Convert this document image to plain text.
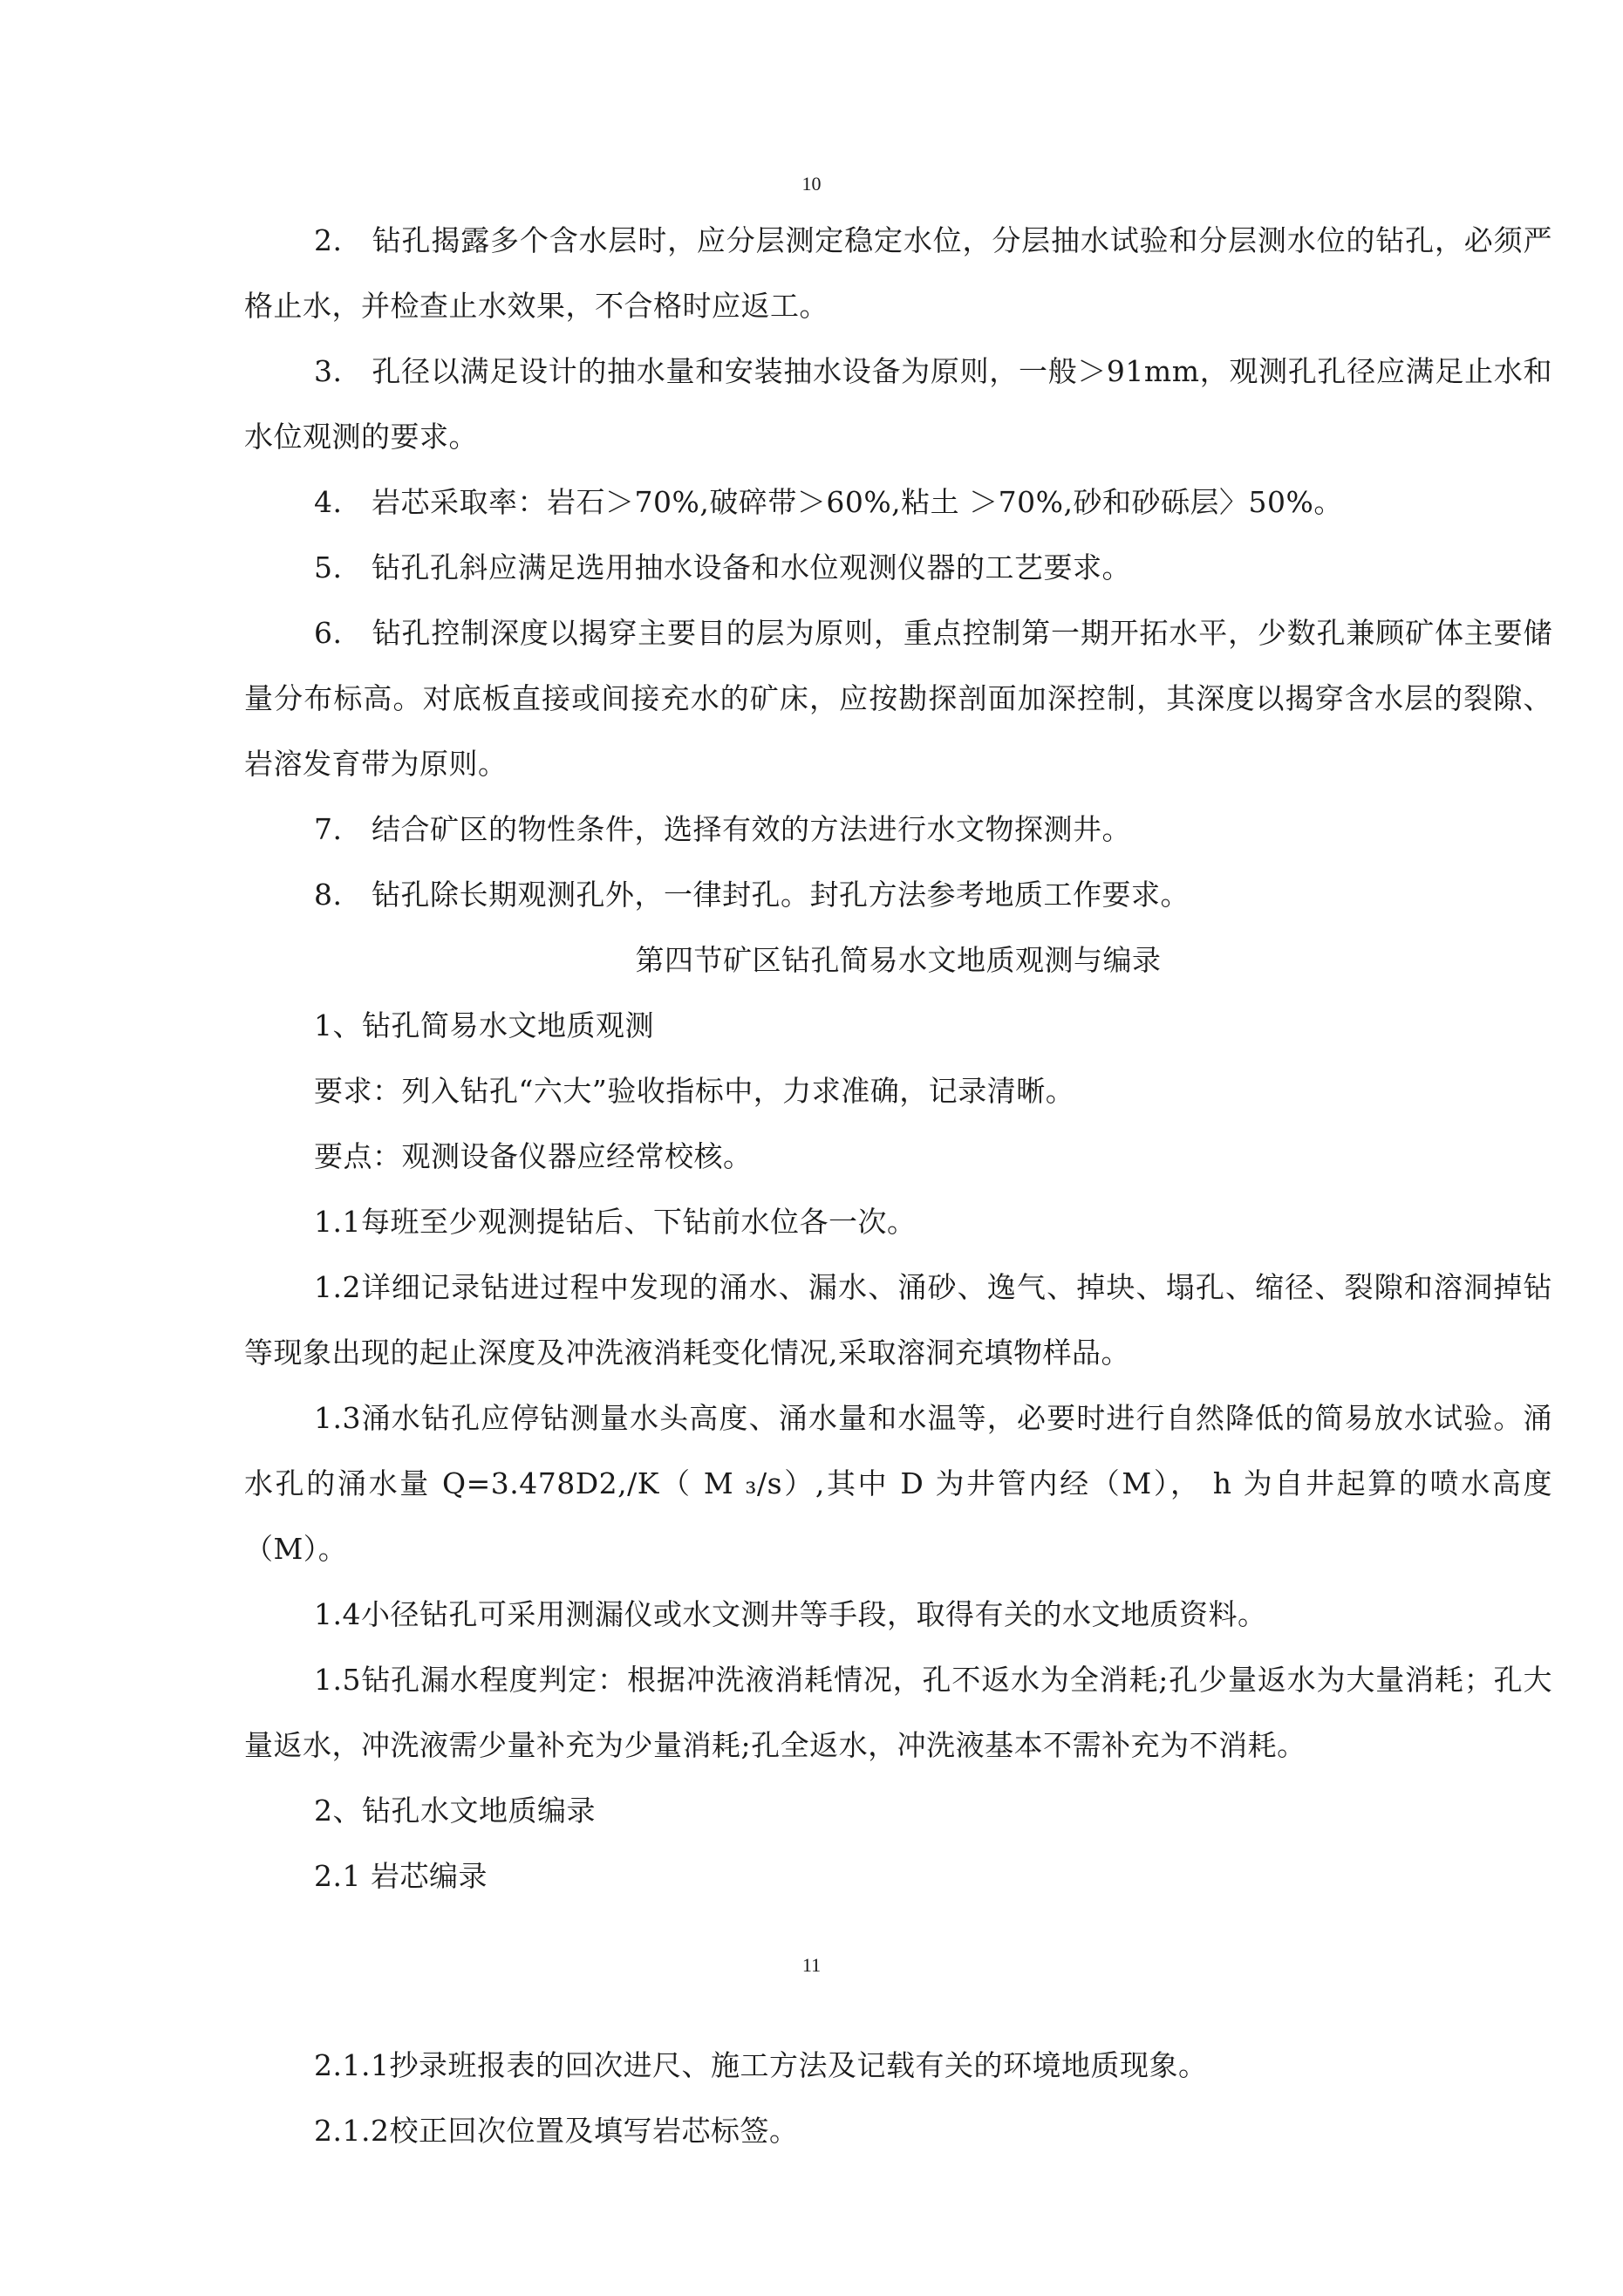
10

2.　钻孔揭露多个含水层时，应分层测定稳定水位，分层抽水试验和分层测水位的钻孔，必须严格止水，并检查止水效果，不合格时应返工。

3.　孔径以满足设计的抽水量和安装抽水设备为原则，一般＞91mm，观测孔孔径应满足止水和水位观测的要求。

4.　岩芯采取率：岩石＞70%,破碎带＞60%,粘土 ＞70%,砂和砂砾层〉50%。

5.　钻孔孔斜应满足选用抽水设备和水位观测仪器的工艺要求。

6.　钻孔控制深度以揭穿主要目的层为原则，重点控制第一期开拓水平，少数孔兼顾矿体主要储量分布标高。对底板直接或间接充水的矿床，应按勘探剖面加深控制，其深度以揭穿含水层的裂隙、岩溶发育带为原则。

7.　结合矿区的物性条件，选择有效的方法进行水文物探测井。

8.　钻孔除长期观测孔外，一律封孔。封孔方法参考地质工作要求。

第四节矿区钻孔简易水文地质观测与编录

1、钻孔简易水文地质观测

要求：列入钻孔“六大”验收指标中，力求准确，记录清晰。

要点：观测设备仪器应经常校核。

1.1每班至少观测提钻后、下钻前水位各一次。

1.2详细记录钻进过程中发现的涌水、漏水、涌砂、逸气、掉块、塌孔、缩径、裂隙和溶洞掉钻等现象出现的起止深度及冲洗液消耗变化情况,采取溶洞充填物样品。

1.3涌水钻孔应停钻测量水头高度、涌水量和水温等，必要时进行自然降低的简易放水试验。涌水孔的涌水量 Q=3.478D2,/K（ M ₃/s）,其中 D 为井管内经（M）， h 为自井起算的喷水高度（M）。

1.4小径钻孔可采用测漏仪或水文测井等手段，取得有关的水文地质资料。

1.5钻孔漏水程度判定：根据冲洗液消耗情况，孔不返水为全消耗;孔少量返水为大量消耗；孔大量返水，冲洗液需少量补充为少量消耗;孔全返水，冲洗液基本不需补充为不消耗。

2、钻孔水文地质编录

2.1 岩芯编录

11

2.1.1抄录班报表的回次进尺、施工方法及记载有关的环境地质现象。

2.1.2校正回次位置及填写岩芯标签。
